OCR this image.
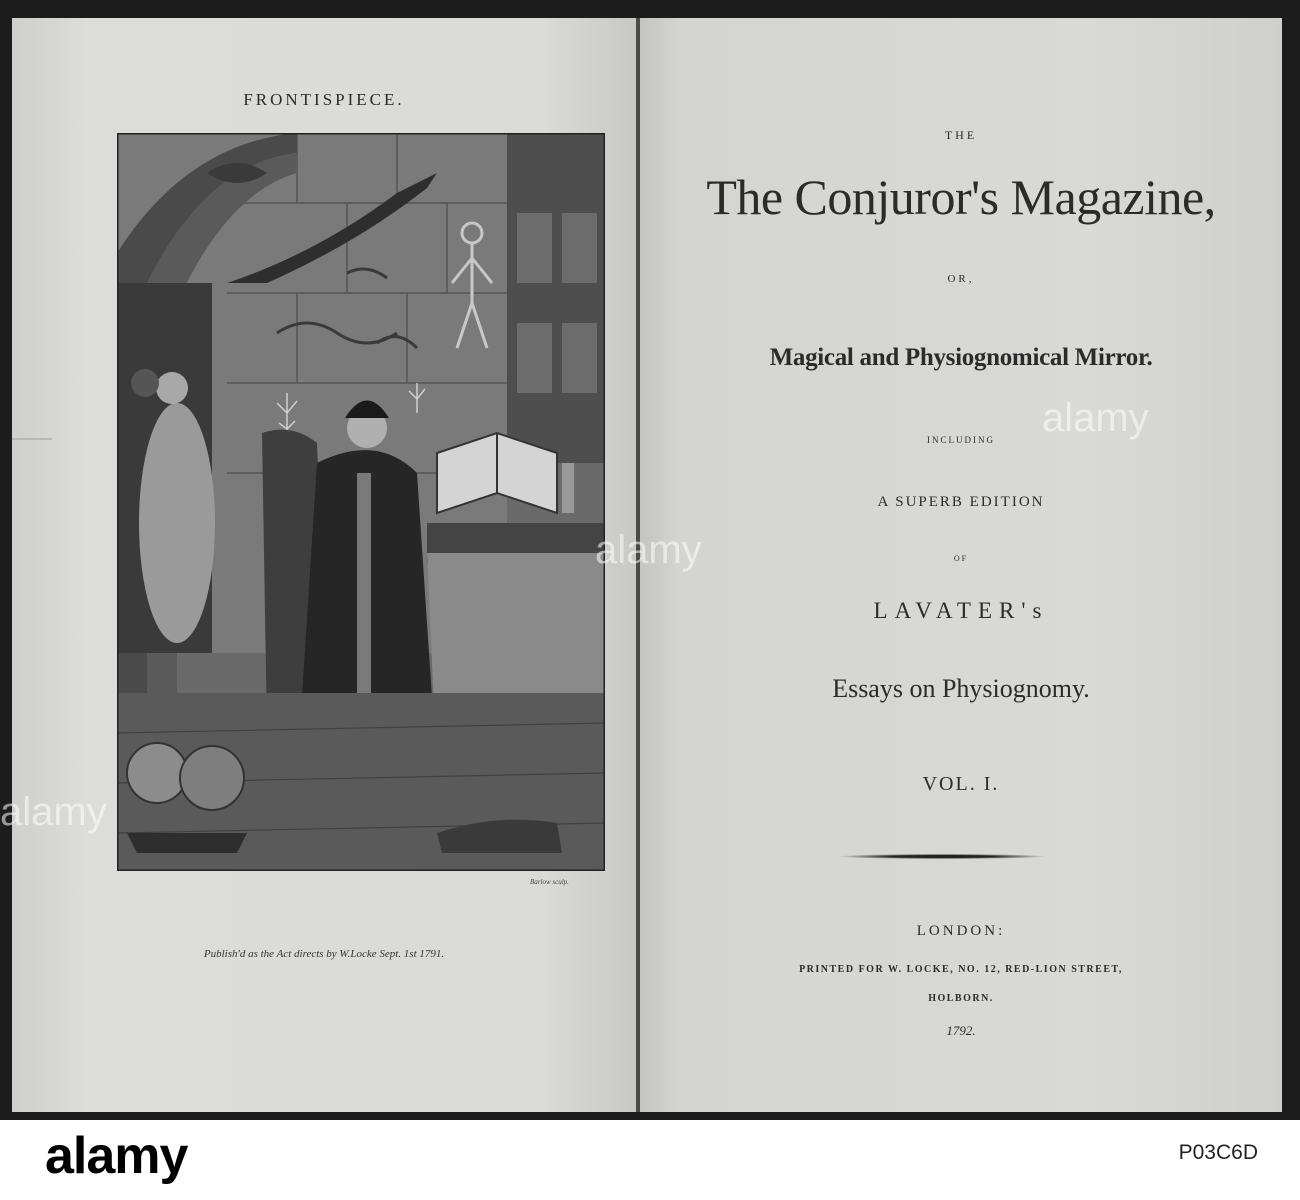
FRONTISPIECE.
Barlow sculp.
Publish'd as the Act directs by W.Locke Sept. 1st 1791.
THE
The Conjuror's Magazine,
OR,
Magical and Physiognomical Mirror.
INCLUDING
A SUPERB EDITION
OF
LAVATER's
Essays on Physiognomy.
VOL. I.
LONDON:
PRINTED FOR W. LOCKE, NO. 12, RED-LION STREET,
HOLBORN.
1792.
alamy
alamy
alamy
alamy	P03C6D
